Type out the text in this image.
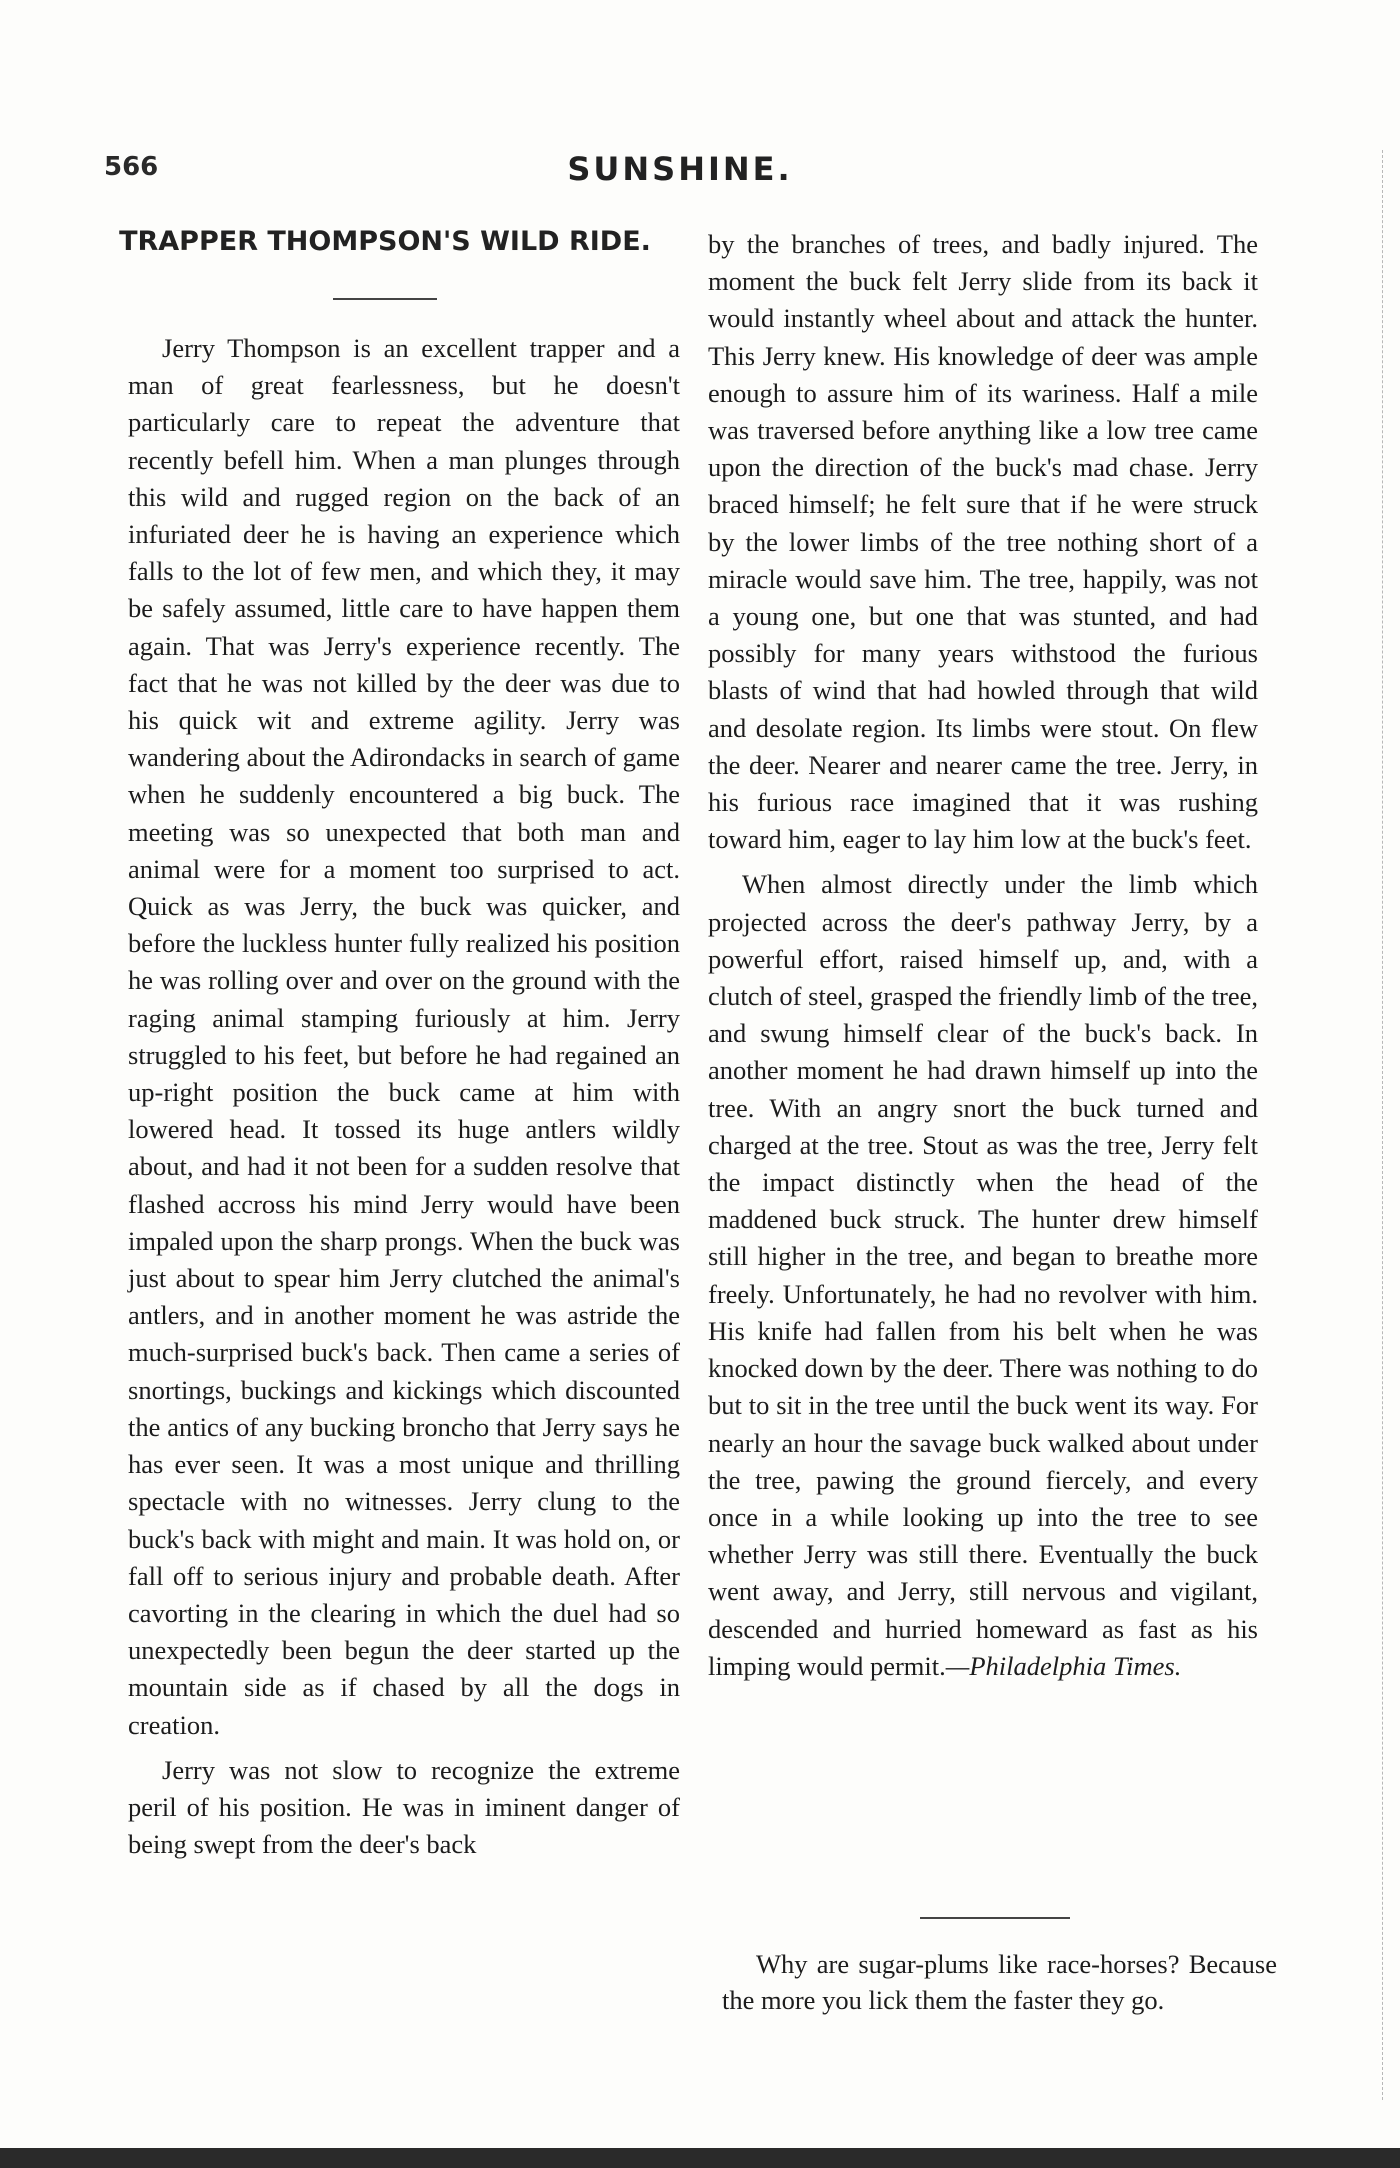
566	SUNSHINE.
TRAPPER THOMPSON'S WILD RIDE.

Jerry Thompson is an excellent trapper and a man of great fearlessness, but he doesn't particularly care to repeat the adventure that recently befell him. When a man plunges through this wild and rugged region on the back of an infuriated deer he is having an experience which falls to the lot of few men, and which they, it may be safely assumed, little care to have happen them again. That was Jerry's experience recently. The fact that he was not killed by the deer was due to his quick wit and extreme agility. Jerry was wandering about the Adirondacks in search of game when he suddenly encountered a big buck. The meeting was so unexpected that both man and animal were for a moment too surprised to act. Quick as was Jerry, the buck was quicker, and before the luckless hunter fully realized his position he was rolling over and over on the ground with the raging animal stamping furiously at him. Jerry struggled to his feet, but before he had regained an up-right position the buck came at him with lowered head. It tossed its huge antlers wildly about, and had it not been for a sudden resolve that flashed accross his mind Jerry would have been impaled upon the sharp prongs. When the buck was just about to spear him Jerry clutched the animal's antlers, and in another moment he was astride the much-surprised buck's back. Then came a series of snortings, buckings and kickings which discounted the antics of any bucking broncho that Jerry says he has ever seen. It was a most unique and thrilling spectacle with no witnesses. Jerry clung to the buck's back with might and main. It was hold on, or fall off to serious injury and probable death. After cavorting in the clearing in which the duel had so unexpectedly been begun the deer started up the mountain side as if chased by all the dogs in creation.

Jerry was not slow to recognize the extreme peril of his position. He was in iminent danger of being swept from the deer's back

by the branches of trees, and badly injured. The moment the buck felt Jerry slide from its back it would instantly wheel about and attack the hunter. This Jerry knew. His knowledge of deer was ample enough to assure him of its wariness. Half a mile was traversed before anything like a low tree came upon the direction of the buck's mad chase. Jerry braced himself; he felt sure that if he were struck by the lower limbs of the tree nothing short of a miracle would save him. The tree, happily, was not a young one, but one that was stunted, and had possibly for many years withstood the furious blasts of wind that had howled through that wild and desolate region. Its limbs were stout. On flew the deer. Nearer and nearer came the tree. Jerry, in his furious race imagined that it was rushing toward him, eager to lay him low at the buck's feet.

When almost directly under the limb which projected across the deer's pathway Jerry, by a powerful effort, raised himself up, and, with a clutch of steel, grasped the friendly limb of the tree, and swung himself clear of the buck's back. In another moment he had drawn himself up into the tree. With an angry snort the buck turned and charged at the tree. Stout as was the tree, Jerry felt the impact distinctly when the head of the maddened buck struck. The hunter drew himself still higher in the tree, and began to breathe more freely. Unfortunately, he had no revolver with him. His knife had fallen from his belt when he was knocked down by the deer. There was nothing to do but to sit in the tree until the buck went its way. For nearly an hour the savage buck walked about under the tree, pawing the ground fiercely, and every once in a while looking up into the tree to see whether Jerry was still there. Eventually the buck went away, and Jerry, still nervous and vigilant, descended and hurried homeward as fast as his limping would permit.—Philadelphia Times.

Why are sugar-plums like race-horses? Because the more you lick them the faster they go.
